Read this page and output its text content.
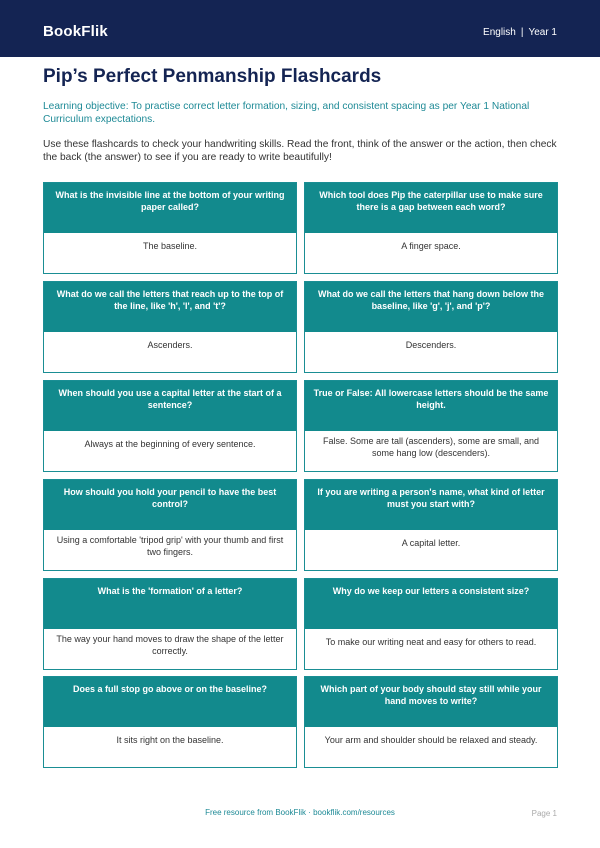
BookFlik	English | Year 1
Pip’s Perfect Penmanship Flashcards
Learning objective: To practise correct letter formation, sizing, and consistent spacing as per Year 1 National Curriculum expectations.
Use these flashcards to check your handwriting skills. Read the front, think of the answer or the action, then check the back (the answer) to see if you are ready to write beautifully!
What is the invisible line at the bottom of your writing paper called?
The baseline.
Which tool does Pip the caterpillar use to make sure there is a gap between each word?
A finger space.
What do we call the letters that reach up to the top of the line, like 'h', 'l', and 't'?
Ascenders.
What do we call the letters that hang down below the baseline, like 'g', 'j', and 'p'?
Descenders.
When should you use a capital letter at the start of a sentence?
Always at the beginning of every sentence.
True or False: All lowercase letters should be the same height.
False. Some are tall (ascenders), some are small, and some hang low (descenders).
How should you hold your pencil to have the best control?
Using a comfortable 'tripod grip' with your thumb and first two fingers.
If you are writing a person's name, what kind of letter must you start with?
A capital letter.
What is the 'formation' of a letter?
The way your hand moves to draw the shape of the letter correctly.
Why do we keep our letters a consistent size?
To make our writing neat and easy for others to read.
Does a full stop go above or on the baseline?
It sits right on the baseline.
Which part of your body should stay still while your hand moves to write?
Your arm and shoulder should be relaxed and steady.
Free resource from BookFlik · bookflik.com/resources	Page 1
